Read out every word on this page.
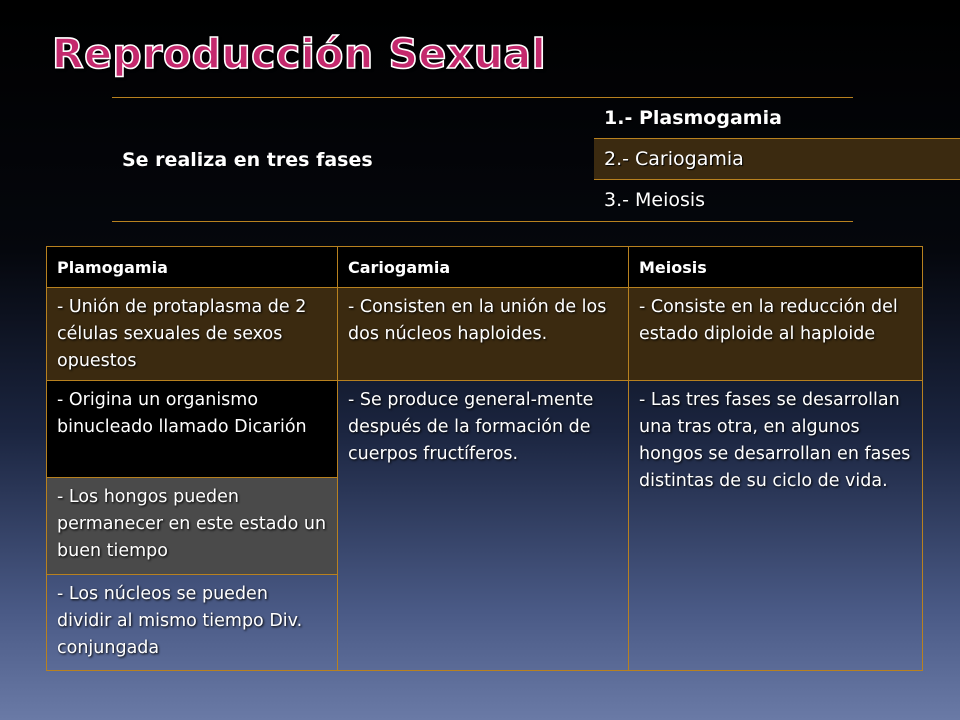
Reproducción Sexual
Se realiza en tres fases
1.- Plasmogamia
2.- Cariogamia
3.- Meiosis
Plamogamia	Cariogamia	Meiosis
- Unión de protaplasma de 2 células sexuales de sexos opuestos
- Consisten en la unión de los dos núcleos haploides.
- Consiste en la reducción del estado diploide al haploide
- Origina un organismo binucleado llamado Dicarión
- Los hongos pueden permanecer en este estado un buen tiempo
- Los núcleos se pueden dividir al mismo tiempo Div. conjungada
- Se produce general-mente después de la formación de cuerpos fructíferos.
- Las tres fases se desarrollan una tras otra, en algunos hongos se desarrollan en fases distintas de su ciclo de vida.
